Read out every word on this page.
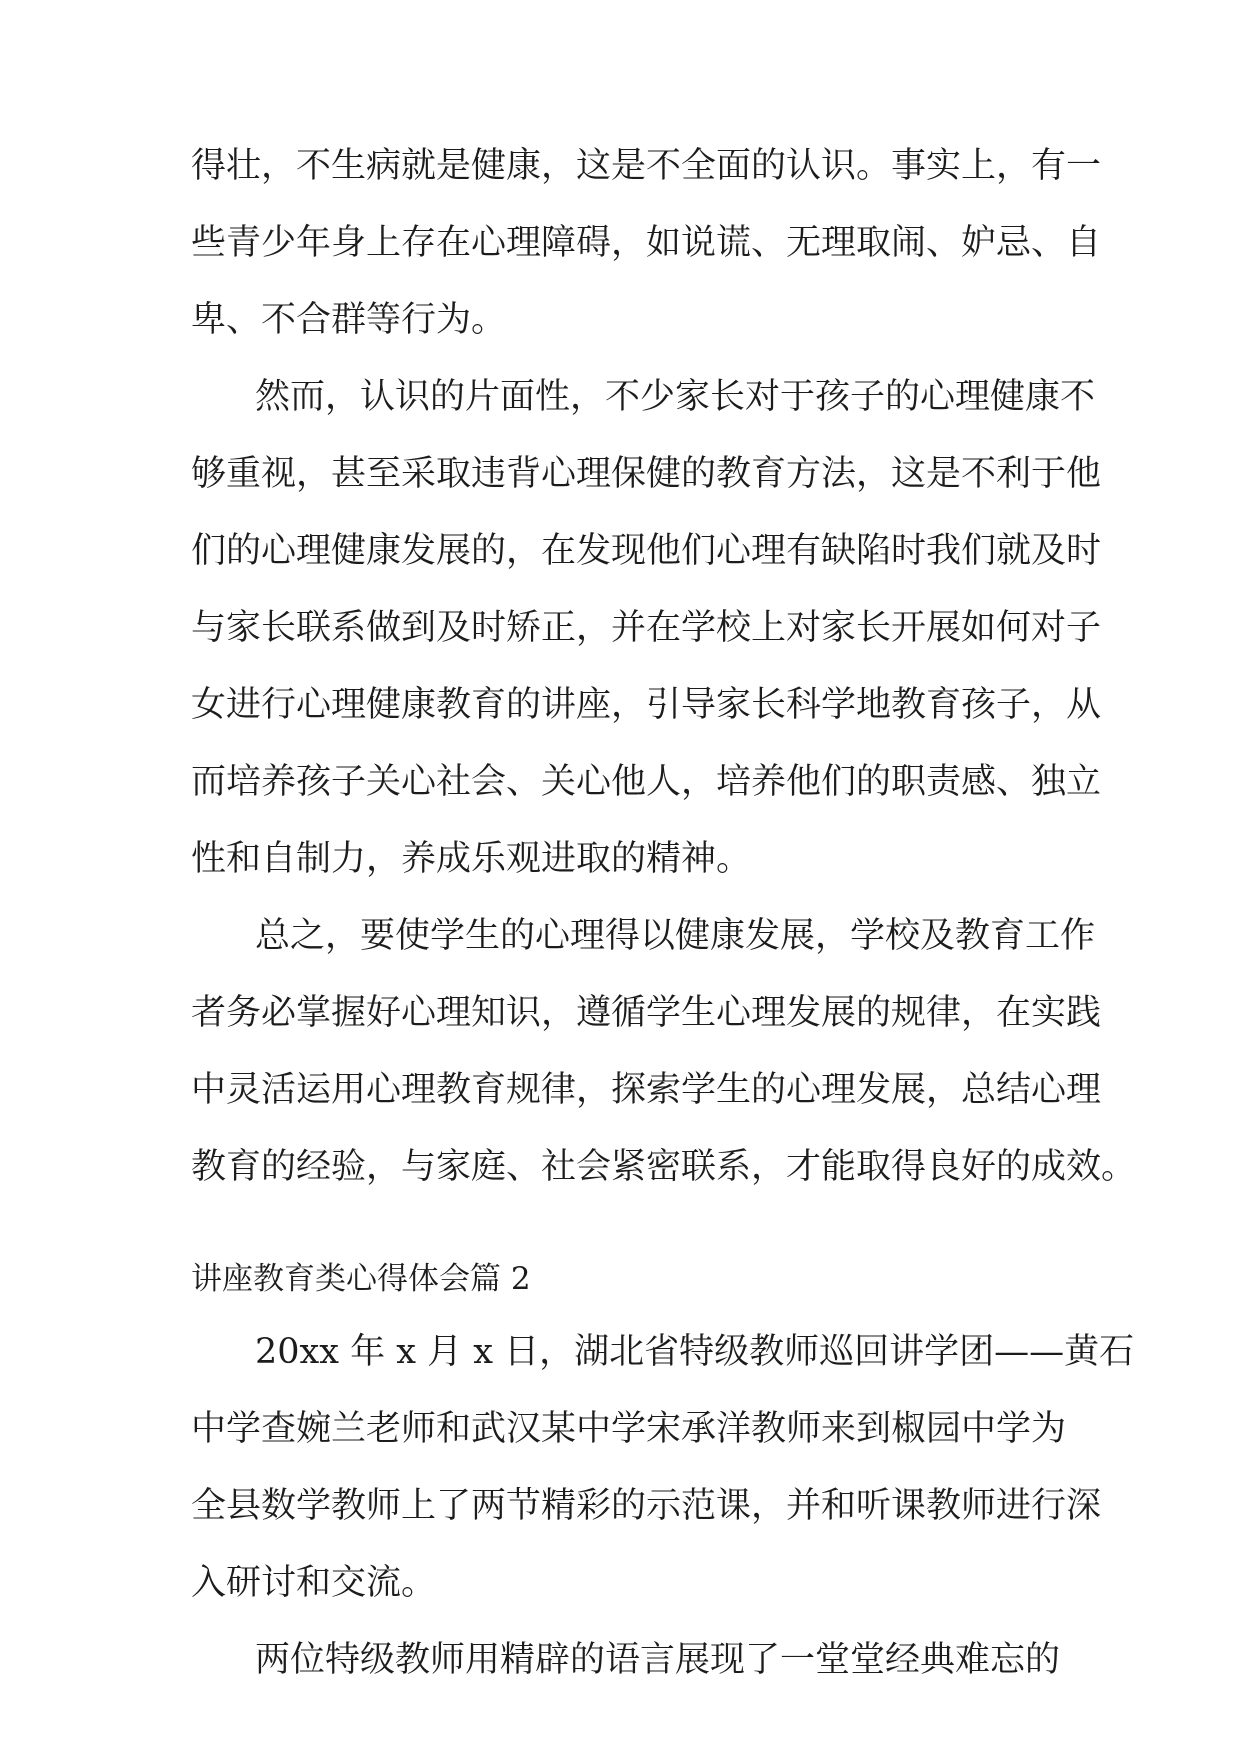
得壮，不生病就是健康，这是不全面的认识。事实上，有一
些青少年身上存在心理障碍，如说谎、无理取闹、妒忌、自
卑、不合群等行为。
然而，认识的片面性，不少家长对于孩子的心理健康不
够重视，甚至采取违背心理保健的教育方法，这是不利于他
们的心理健康发展的，在发现他们心理有缺陷时我们就及时
与家长联系做到及时矫正，并在学校上对家长开展如何对子
女进行心理健康教育的讲座，引导家长科学地教育孩子，从
而培养孩子关心社会、关心他人，培养他们的职责感、独立
性和自制力，养成乐观进取的精神。
总之，要使学生的心理得以健康发展，学校及教育工作
者务必掌握好心理知识，遵循学生心理发展的规律，在实践
中灵活运用心理教育规律，探索学生的心理发展，总结心理
教育的经验，与家庭、社会紧密联系，才能取得良好的成效。
讲座教育类心得体会篇 2
20xx 年 x 月 x 日，湖北省特级教师巡回讲学团——黄石
中学查婉兰老师和武汉某中学宋承洋教师来到椒园中学为
全县数学教师上了两节精彩的示范课，并和听课教师进行深
入研讨和交流。
两位特级教师用精辟的语言展现了一堂堂经典难忘的
